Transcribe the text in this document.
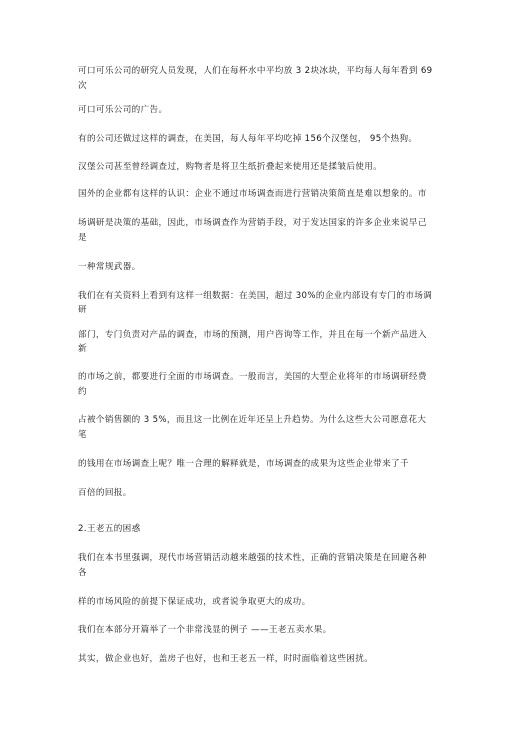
可口可乐公司的研究人员发现，人们在每杯水中平均放 3 2块冰块，平均每人每年看到 69
次
可口可乐公司的广告。
有的公司还做过这样的调查，在美国，每人每年平均吃掉 156个汉堡包， 95个热狗。
汉堡公司甚至曾经调查过，购物者是将卫生纸折叠起来使用还是揉皱后使用。
国外的企业都有这样的认识：企业不通过市场调查而进行营销决策简直是难以想象的。市
场调研是决策的基础，因此，市场调查作为营销手段，对于发达国家的许多企业来说早己
是
一种常规武器。
我们在有关资料上看到有这样一组数据：在美国，超过 30%的企业内部设有专门的市场调
研
部门，专门负责对产品的调查，市场的预测，用户咨询等工作，并且在每一个新产品进入
新
的市场之前，都要进行全面的市场调查。一般而言，美国的大型企业将年的市场调研经费
约
占被个销售额的 3 5%，而且这一比例在近年还呈上升趋势。为什么这些大公司愿意花大
笔
的钱用在市场调查上呢？唯一合理的解释就是，市场调查的成果为这些企业带来了千
百倍的回报。
2.王老五的困惑
我们在本书里强调，现代市场营销活动越来越强的技术性，正确的营销决策是在回避各种
各
样的市场风险的前提下保证成功，或者说争取更大的成功。
我们在本部分开篇举了一个非常浅显的例子 ——王老五卖水果。
其实，做企业也好，盖房子也好，也和王老五一样，时时面临着这些困扰。
